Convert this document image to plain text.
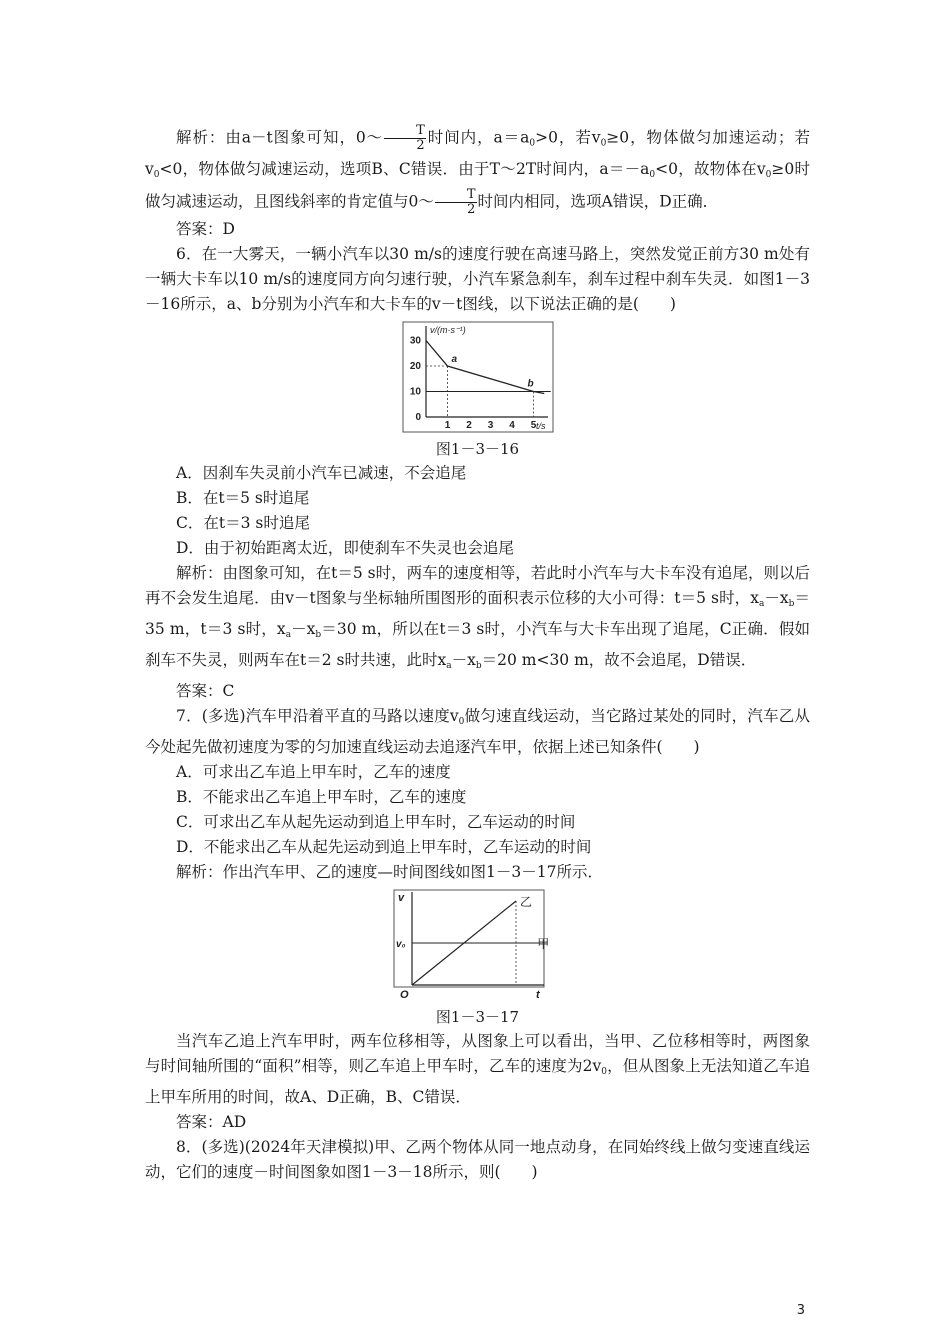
解析：由a－t图象可知，0～ $\frac{T}{2}$ 时间内，$a=a_0>0$，若$v_0\ge 0$，物体做匀加速运动；若$v_0<0$，物体做匀减速运动，选项B、C错误．由于T～2T时间内，$a=-a_0<0$，故物体在$v_0\ge 0$时做匀减速运动，且图线斜率的肯定值与0～ $\frac{T}{2}$ 时间内相同，选项A错误，D正确．

答案：D

6．在一大雾天，一辆小汽车以30 m/s的速度行驶在高速马路上，突然发觉正前方30 m处有一辆大卡车以10 m/s的速度同方向匀速行驶，小汽车紧急刹车，刹车过程中刹车失灵．如图1－3－16所示，a、b分别为小汽车和大卡车的v－t图线，以下说法正确的是(　　)

v/(m·s⁻¹)
t/s
0
10
20
30
1 2 3 4 5
a
b
图1－3－16

A．因刹车失灵前小汽车已减速，不会追尾

B．在t＝5 s时追尾

C．在t＝3 s时追尾

D．由于初始距离太近，即使刹车不失灵也会追尾

解析：由图象可知，在t＝5 s时，两车的速度相等，若此时小汽车与大卡车没有追尾，则以后再不会发生追尾．由v－t图象与坐标轴所围图形的面积表示位移的大小可得：t＝5 s时，$x_a-x_b=35$ m，t＝3 s时，$x_a-x_b=30$ m，所以在t＝3 s时，小汽车与大卡车出现了追尾，C正确．假如刹车不失灵，则两车在t＝2 s时共速，此时$x_a-x_b=20$ m<30 m，故不会追尾，D错误．

答案：C

7．(多选)汽车甲沿着平直的马路以速度$v_0$做匀速直线运动，当它路过某处的同时，汽车乙从今处起先做初速度为零的匀加速直线运动去追逐汽车甲，依据上述已知条件(　　)

A．可求出乙车追上甲车时，乙车的速度

B．不能求出乙车追上甲车时，乙车的速度

C．可求出乙车从起先运动到追上甲车时，乙车运动的时间

D．不能求出乙车从起先运动到追上甲车时，乙车运动的时间

解析：作出汽车甲、乙的速度—时间图线如图1－3－17所示．

v
t
O
v₀
乙
甲
图1－3－17

当汽车乙追上汽车甲时，两车位移相等，从图象上可以看出，当甲、乙位移相等时，两图象与时间轴所围的“面积”相等，则乙车追上甲车时，乙车的速度为$2v_0$，但从图象上无法知道乙车追上甲车所用的时间，故A、D正确，B、C错误．

答案：AD

8．(多选)(2024年天津模拟)甲、乙两个物体从同一地点动身，在同始终线上做匀变速直线运动，它们的速度－时间图象如图1－3－18所示，则(　　)

3
